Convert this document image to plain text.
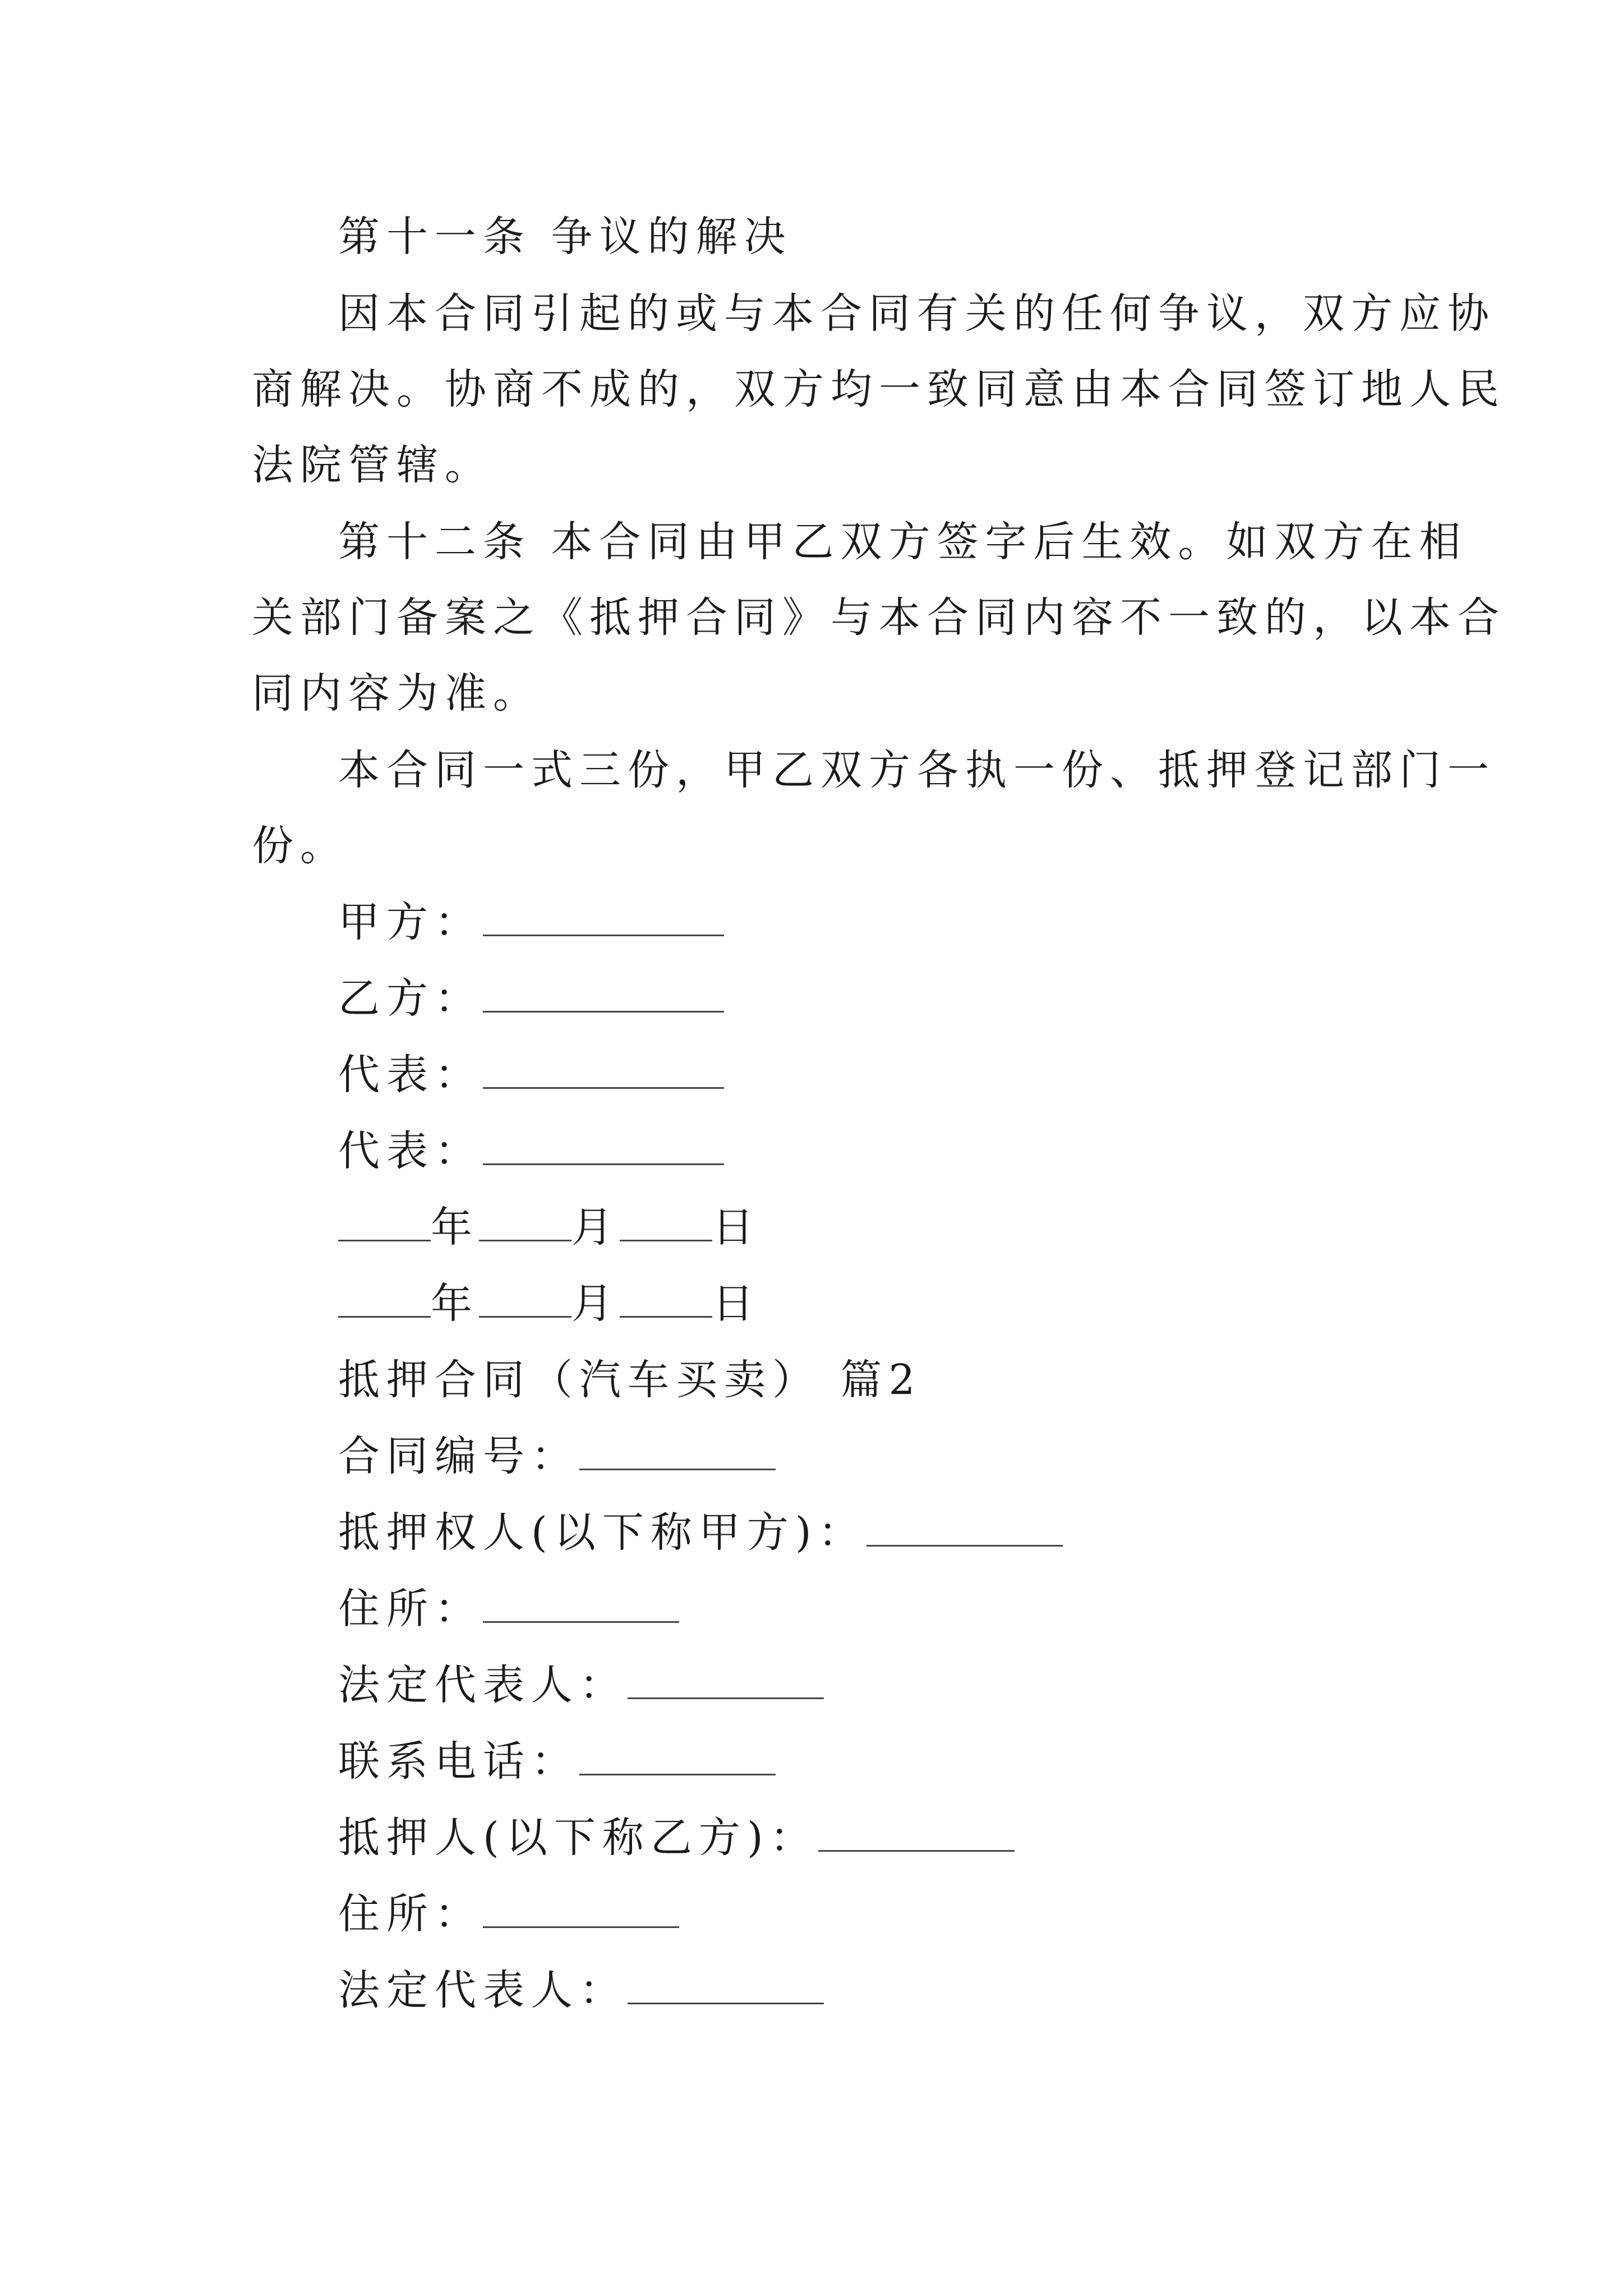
第十一条 争议的解决
因本合同引起的或与本合同有关的任何争议，双方应协
商解决。协商不成的，双方均一致同意由本合同签订地人民
法院管辖。
第十二条 本合同由甲乙双方签字后生效。如双方在相
关部门备案之《抵押合同》与本合同内容不一致的，以本合
同内容为准。
本合同一式三份，甲乙双方各执一份、抵押登记部门一
份。
甲方：
乙方：
代表：
代表：
年 月 日
年 月 日
抵押合同（汽车买卖） 篇2
合同编号：
抵押权人(以下称甲方)：
住所：
法定代表人：
联系电话：
抵押人(以下称乙方)：
住所：
法定代表人：
